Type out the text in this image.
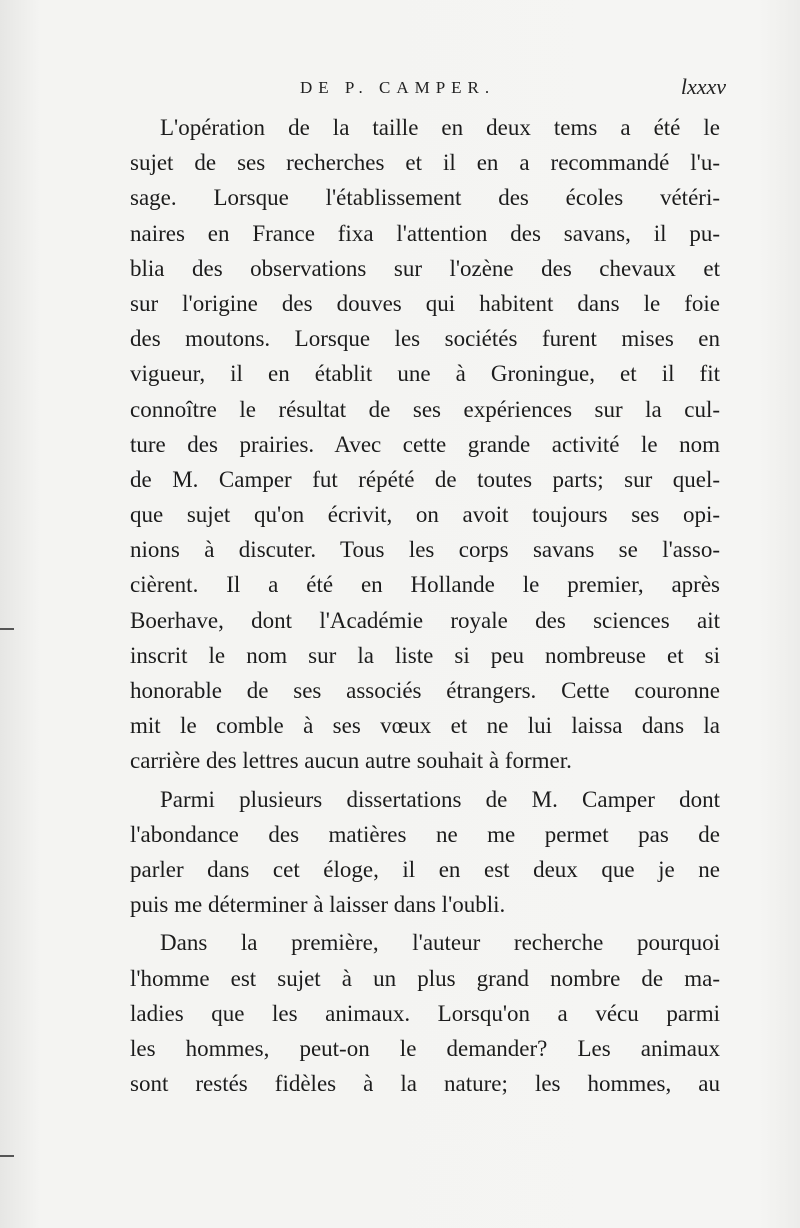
DE P. CAMPER.	lxxxv
L'opération de la taille en deux tems a été le
sujet de ses recherches et il en a recommandé l'u-
sage. Lorsque l'établissement des écoles vétéri-
naires en France fixa l'attention des savans, il pu-
blia des observations sur l'ozène des chevaux et
sur l'origine des douves qui habitent dans le foie
des moutons. Lorsque les sociétés furent mises en
vigueur, il en établit une à Groningue, et il fit
connoître le résultat de ses expériences sur la cul-
ture des prairies. Avec cette grande activité le nom
de M. Camper fut répété de toutes parts; sur quel-
que sujet qu'on écrivit, on avoit toujours ses opi-
nions à discuter. Tous les corps savans se l'asso-
cièrent. Il a été en Hollande le premier, après
Boerhave, dont l'Académie royale des sciences ait
inscrit le nom sur la liste si peu nombreuse et si
honorable de ses associés étrangers. Cette couronne
mit le comble à ses vœux et ne lui laissa dans la
carrière des lettres aucun autre souhait à former.
Parmi plusieurs dissertations de M. Camper dont
l'abondance des matières ne me permet pas de
parler dans cet éloge, il en est deux que je ne
puis me déterminer à laisser dans l'oubli.
Dans la première, l'auteur recherche pourquoi
l'homme est sujet à un plus grand nombre de ma-
ladies que les animaux. Lorsqu'on a vécu parmi
les hommes, peut-on le demander? Les animaux
sont restés fidèles à la nature; les hommes, au
